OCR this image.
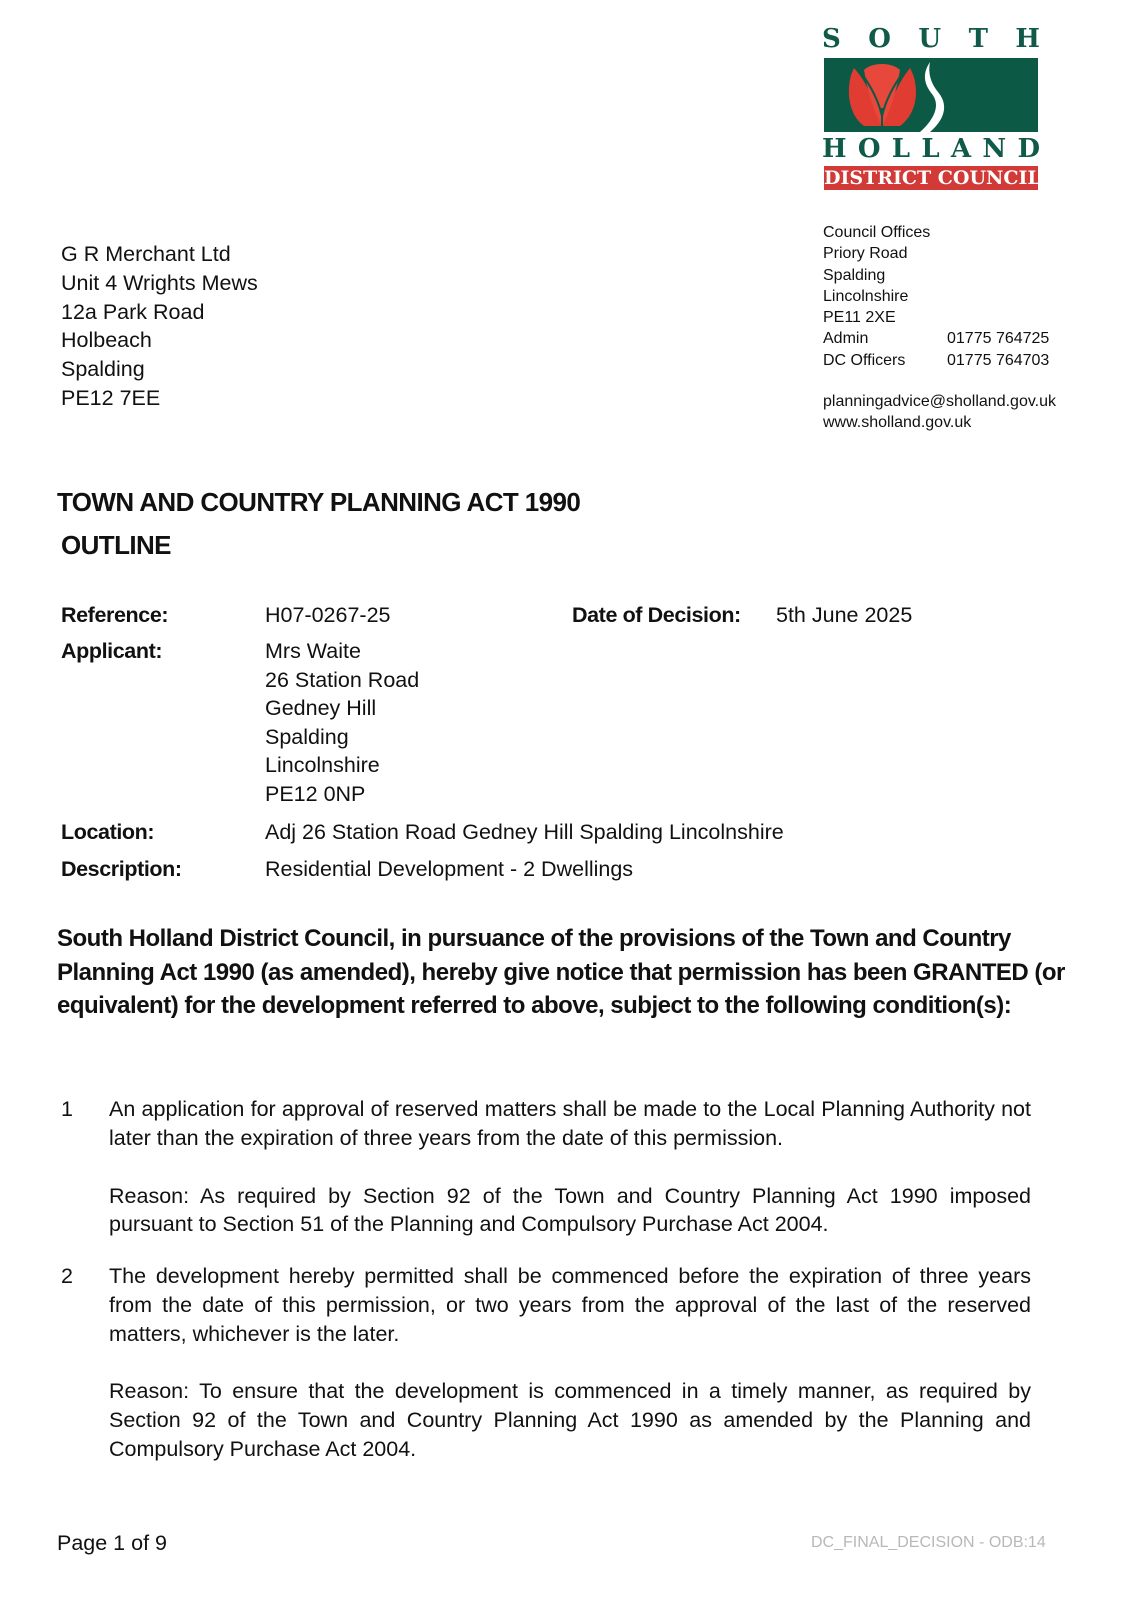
S O U T H
H O L L A N D
DISTRICT COUNCIL
Council Offices
Priory Road
Spalding
Lincolnshire
PE11 2XE
Admin	01775 764725
DC Officers	01775 764703
planningadvice@sholland.gov.uk
www.sholland.gov.uk
G R Merchant Ltd
Unit 4 Wrights Mews
12a Park Road
Holbeach
Spalding
PE12 7EE
TOWN AND COUNTRY PLANNING ACT 1990
OUTLINE
Reference:	H07-0267-25	Date of Decision: 5th June 2025
Applicant:	Mrs Waite
26 Station Road
Gedney Hill
Spalding
Lincolnshire
PE12 0NP
Location:	Adj 26 Station Road Gedney Hill Spalding Lincolnshire
Description:	Residential Development - 2 Dwellings
South Holland District Council, in pursuance of the provisions of the Town and Country Planning Act 1990 (as amended), hereby give notice that permission has been GRANTED (or equivalent) for the development referred to above, subject to the following condition(s):
1 An application for approval of reserved matters shall be made to the Local Planning Authority not later than the expiration of three years from the date of this permission.
Reason: As required by Section 92 of the Town and Country Planning Act 1990 imposed pursuant to Section 51 of the Planning and Compulsory Purchase Act 2004.
2 The development hereby permitted shall be commenced before the expiration of three years from the date of this permission, or two years from the approval of the last of the reserved matters, whichever is the later.
Reason: To ensure that the development is commenced in a timely manner, as required by Section 92 of the Town and Country Planning Act 1990 as amended by the Planning and Compulsory Purchase Act 2004.
Page 1 of 9	DC_FINAL_DECISION - ODB:14
